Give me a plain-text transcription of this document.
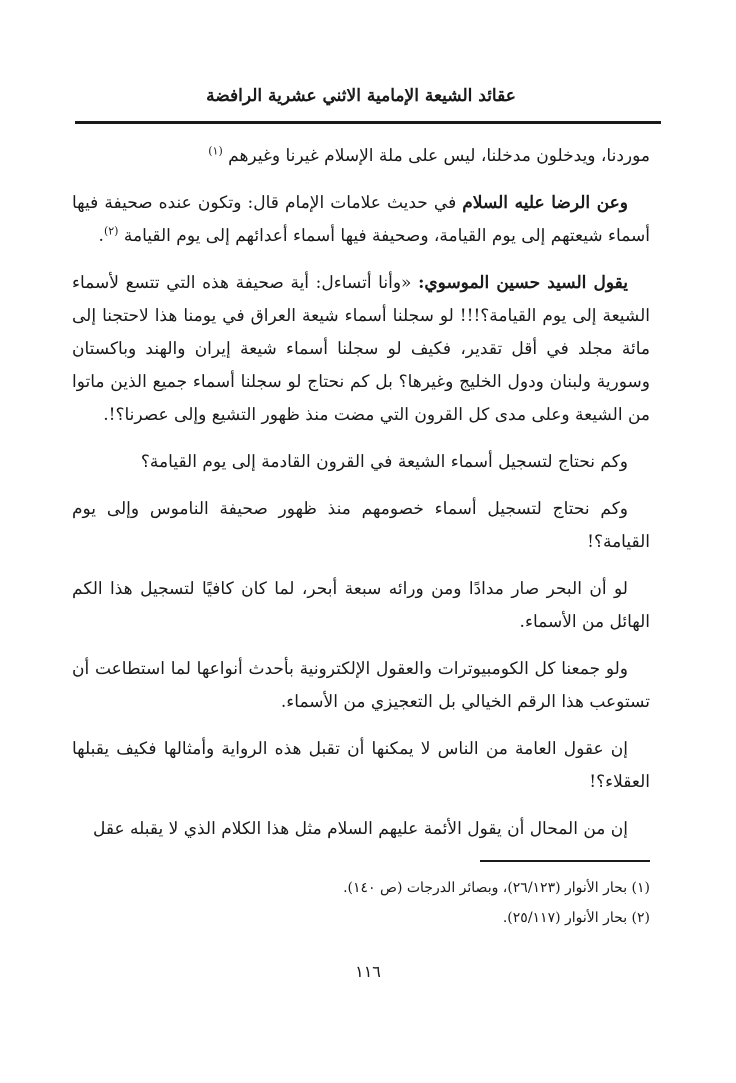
عقائد الشيعة الإمامية الاثني عشرية الرافضة

موردنا، ويدخلون مدخلنا، ليس على ملة الإسلام غيرنا وغيرهم $^{(١)}$

وعن الرضا عليه السلام في حديث علامات الإمام قال: وتكون عنده صحيفة فيها أسماء شيعتهم إلى يوم القيامة، وصحيفة فيها أسماء أعدائهم إلى يوم القيامة $^{(٢)}$.

يقول السيد حسين الموسوي: «وأنا أتساءل: أية صحيفة هذه التي تتسع لأسماء الشيعة إلى يوم القيامة؟!!! لو سجلنا أسماء شيعة العراق في يومنا هذا لاحتجنا إلى مائة مجلد في أقل تقدير، فكيف لو سجلنا أسماء شيعة إيران والهند وباكستان وسورية ولبنان ودول الخليج وغيرها؟ بل كم نحتاج لو سجلنا أسماء جميع الذين ماتوا من الشيعة وعلى مدى كل القرون التي مضت منذ ظهور التشيع وإلى عصرنا؟!.

وكم نحتاج لتسجيل أسماء الشيعة في القرون القادمة إلى يوم القيامة؟

وكم نحتاج لتسجيل أسماء خصومهم منذ ظهور صحيفة الناموس وإلى يوم القيامة؟!

لو أن البحر صار مدادًا ومن ورائه سبعة أبحر، لما كان كافيًا لتسجيل هذا الكم الهائل من الأسماء.

ولو جمعنا كل الكومبيوترات والعقول الإلكترونية بأحدث أنواعها لما استطاعت أن تستوعب هذا الرقم الخيالي بل التعجيزي من الأسماء.

إن عقول العامة من الناس لا يمكنها أن تقبل هذه الرواية وأمثالها فكيف يقبلها العقلاء؟!

إن من المحال أن يقول الأئمة عليهم السلام مثل هذا الكلام الذي لا يقبله عقل

(١) بحار الأنوار (٢٦/١٢٣)، وبصائر الدرجات (ص ١٤٠).

(٢) بحار الأنوار (٢٥/١١٧).

١١٦
